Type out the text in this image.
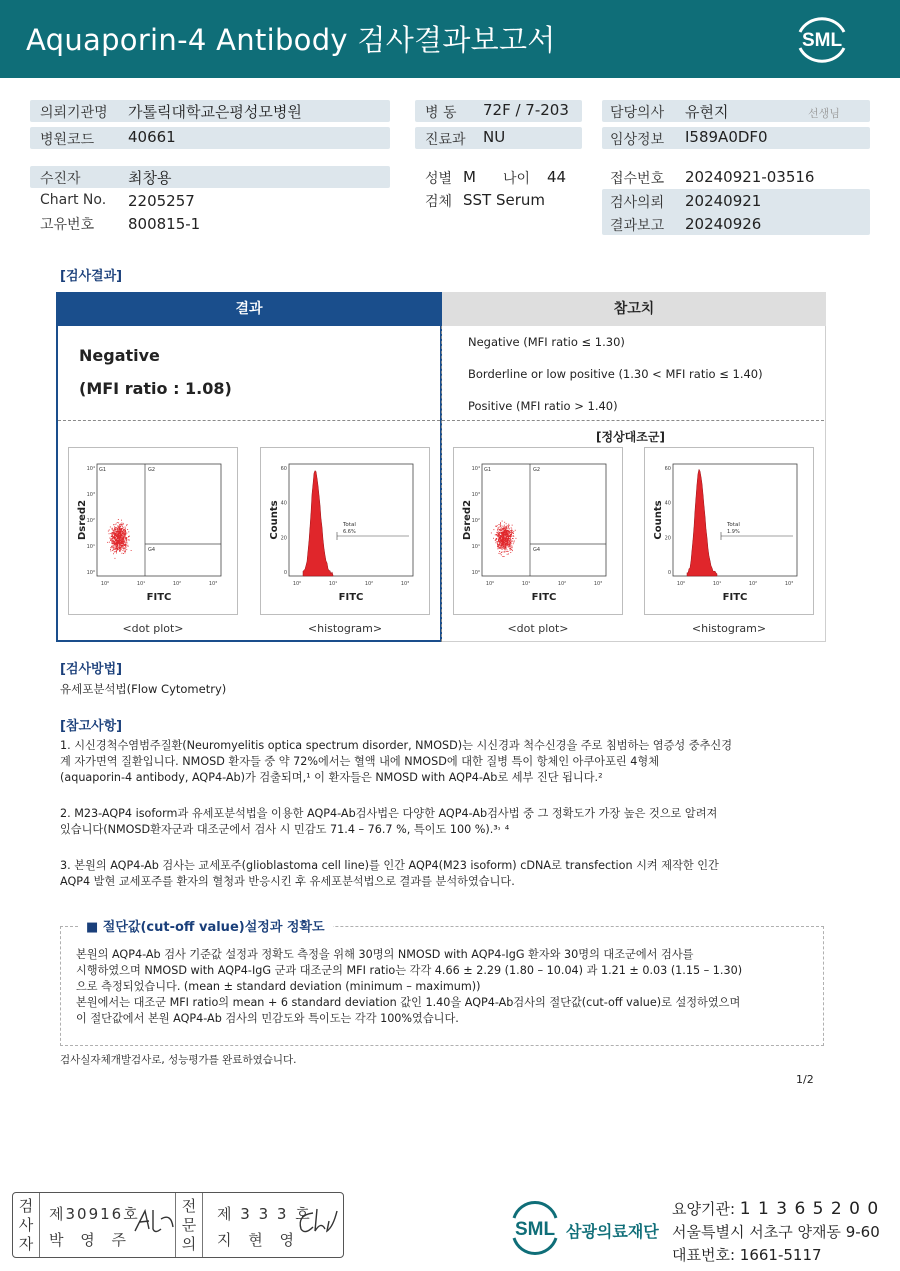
Aquaporin-4 Antibody 검사결과보고서	SML
의뢰기관명 가톨릭대학교은평성모병원
병원코드 40661
병 동 72F / 7-203
진료과 NU
담당의사 유현지	선생님
임상정보 I589A0DF0
수진자	최창용
Chart No. 2205257
고유번호 800815-1
성별 M 나이 44
검체 SST Serum
접수번호 20240921-03516
검사의뢰 20240921
결과보고 20240926
[검사결과]
결과	참고치
Negative
(MFI ratio : 1.08)
Negative (MFI ratio ≤ 1.30)
Borderline or low positive (1.30 < MFI ratio ≤ 1.40)
Positive (MFI ratio > 1.40)
[정상대조군]
10⁰	10¹	10²	10³
FITC
Dsred2
10⁴
10³
10²
10¹
10⁰
G1	G2
G4
10⁰	10¹	10²	10³
FITC
Counts
0
20
40
60
Total
6.6%
10⁰	10¹	10²	10³
FITC
Dsred2
10⁴
10³
10²
10¹
10⁰
G1	G2
G4
10⁰	10¹	10²	10³
FITC
Counts
0
20
40
60
Total
1.9%
<dot plot>	<histogram>	<dot plot>	<histogram>
[검사방법]
유세포분석법(Flow Cytometry)
[참고사항]

1. 시신경척수염범주질환(Neuromyelitis optica spectrum disorder, NMOSD)는 시신경과 척수신경을 주로 침범하는 염증성 중추신경

계 자가면역 질환입니다. NMOSD 환자들 중 약 72%에서는 혈액 내에 NMOSD에 대한 질병 특이 항체인 아쿠아포린 4형체

(aquaporin-4 antibody, AQP4-Ab)가 검출되며,¹ 이 환자들은 NMOSD with AQP4-Ab로 세부 진단 됩니다.²

2. M23-AQP4 isoform과 유세포분석법을 이용한 AQP4-Ab검사법은 다양한 AQP4-Ab검사법 중 그 정확도가 가장 높은 것으로 알려져

있습니다(NMOSD환자군과 대조군에서 검사 시 민감도 71.4 – 76.7 %, 특이도 100 %).³˒ ⁴

3. 본원의 AQP4-Ab 검사는 교세포주(glioblastoma cell line)를 인간 AQP4(M23 isoform) cDNA로 transfection 시켜 제작한 인간

AQP4 발현 교세포주를 환자의 혈청과 반응시킨 후 유세포분석법으로 결과를 분석하였습니다.

■ 절단값(cut-off value)설정과 정확도

본원의 AQP4-Ab 검사 기준값 설정과 정확도 측정을 위해 30명의 NMOSD with AQP4-IgG 환자와 30명의 대조군에서 검사를

시행하였으며 NMOSD with AQP4-IgG 군과 대조군의 MFI ratio는 각각 4.66 ± 2.29 (1.80 – 10.04) 과 1.21 ± 0.03 (1.15 – 1.30)

으로 측정되었습니다. (mean ± standard deviation (minimum – maximum))

본원에서는 대조군 MFI ratio의 mean + 6 standard deviation 값인 1.40을 AQP4-Ab검사의 절단값(cut-off value)로 설정하였으며

이 절단값에서 본원 AQP4-Ab 검사의 민감도와 특이도는 각각 100%였습니다.

검사실자체개발검사로, 성능평가를 완료하였습니다.
1/2
검
사
자
제30916호
박 영 주
전
문
의
제 3 3 3 호
지 현 영	SML 삼광의료재단
요양기관: 1 1 3 6 5 2 0 0
서울특별시 서초구 양재동 9-60
대표번호: 1661-5117
